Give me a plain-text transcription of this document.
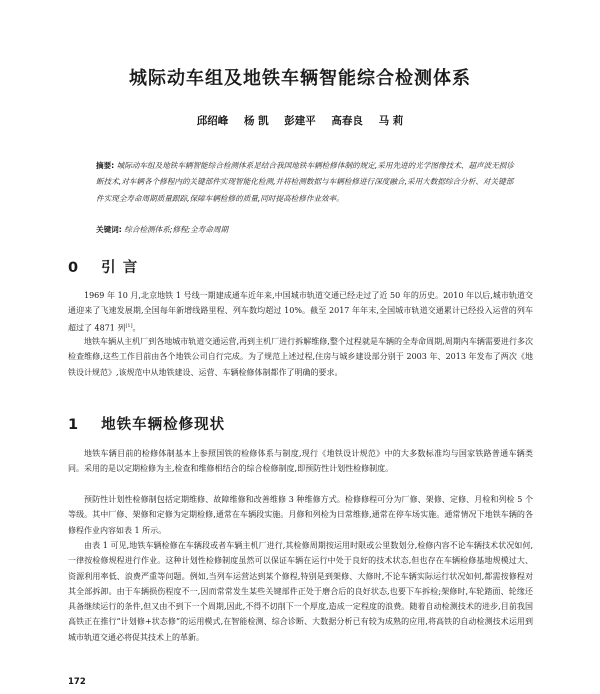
城际动车组及地铁车辆智能综合检测体系

邱绍峰 杨 凯 彭建平 高春良 马 莉

摘要: 城际动车组及地铁车辆智能综合检测体系是结合我国地铁车辆检修体制的规定,采用先进的光学图像技术、超声波无损诊断技术,对车辆各个修程内的关键部件实现智能化检测,并将检测数据与车辆检修进行深度融合,采用大数据综合分析、对关键部件实现全寿命周期质量跟踪,保障车辆检修的质量,同时提高检修作业效率。

关键词: 综合检测体系;修程;全寿命周期

0 引 言

1969 年 10 月,北京地铁 1 号线一期建成通车近年来,中国城市轨道交通已经走过了近 50 年的历史。2010 年以后,城市轨道交通迎来了飞速发展期,全国每年新增线路里程、列车数均超过 10%。截至 2017 年年末,全国城市轨道交通累计已经投入运营的列车超过了 4871 列[1]。

地铁车辆从主机厂到各地城市轨道交通运营,再到主机厂进行拆解维修,整个过程就是车辆的全寿命周期,周期内车辆需要进行多次检查维修,这些工作目前由各个地铁公司自行完成。为了规范上述过程,住房与城乡建设部分别于 2003 年、2013 年发布了两次《地铁设计规范》,该规范中从地铁建设、运营、车辆检修体制都作了明确的要求。

1 地铁车辆检修现状

地铁车辆目前的检修体制基本上参照国铁的检修体系与制度,现行《地铁设计规范》中的大多数标准均与国家铁路普通车辆类同。采用的是以定期检修为主,检查和维修相结合的综合检修制度,即预防性计划性检修制度。

预防性计划性检修制包括定期维修、故障维修和改善维修 3 种维修方式。检修修程可分为厂修、架修、定修、月检和列检 5 个等级。其中厂修、架修和定修为定期检修,通常在车辆段实施。月修和列检为日常维修,通常在停车场实施。通常情况下地铁车辆的各修程作业内容如表 1 所示。

由表 1 可见,地铁车辆检修在车辆段或者车辆主机厂进行,其检修周期按运用时限或公里数划分,检修内容不论车辆技术状况如何,一律按检修规程进行作业。这种计划性检修制度虽然可以保证车辆在运行中处于良好的技术状态,但也存在车辆检修基地规模过大、资源利用率低、浪费严重等问题。例如,当列车运营达到某个修程,特别是到架修、大修时,不论车辆实际运行状况如何,都需按修程对其全部拆卸。由于车辆损伤程度不一,因而常常发生某些关键部件正处于磨合后的良好状态,也要下车拆检;架修时,车轮踏面、轮缘还具备继续运行的条件,但又由不到下一个周期,因此,不得不切削下一个厚度,造成一定程度的浪费。随着自动检测技术的进步,目前我国高铁正在推行“计划修+状态修”的运用模式,在智能检测、综合诊断、大数据分析已有较为成熟的应用,将高铁的自动检测技术运用到城市轨道交通必将促其技术上的革新。

172
